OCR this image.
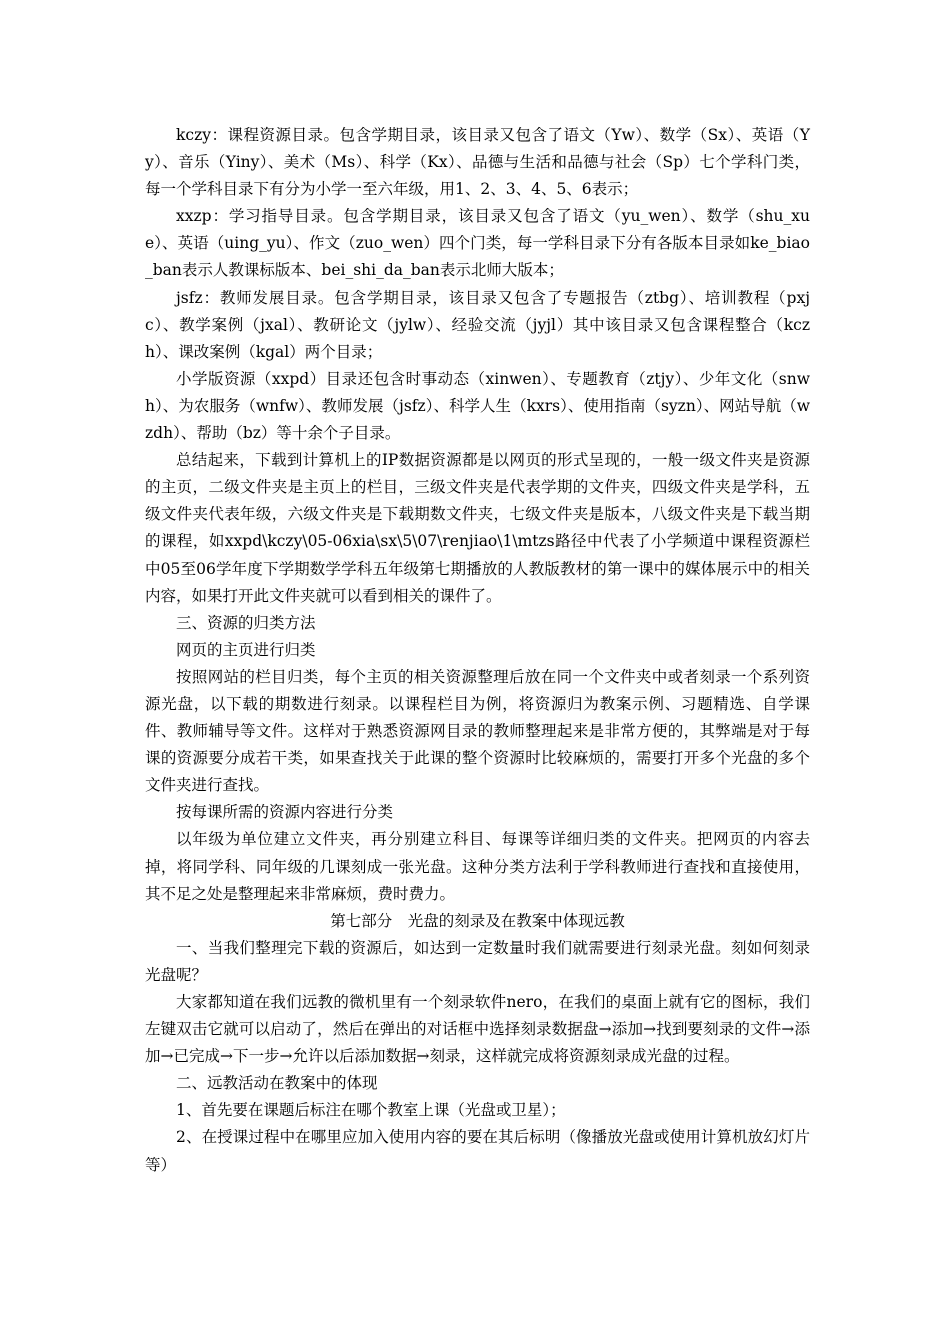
kczy：课程资源目录。包含学期目录，该目录又包含了语文（Yw）、数学（Sx）、英语（Yy）、音乐（Yiny）、美术（Ms）、科学（Kx）、品德与生活和品德与社会（Sp）七个学科门类，每一个学科目录下有分为小学一至六年级，用1、2、3、4、5、6表示；

xxzp：学习指导目录。包含学期目录，该目录又包含了语文（yu_wen）、数学（shu_xue）、英语（uing_yu）、作文（zuo_wen）四个门类，每一学科目录下分有各版本目录如ke_biao_ban表示人教课标版本、bei_shi_da_ban表示北师大版本；

jsfz：教师发展目录。包含学期目录，该目录又包含了专题报告（ztbg）、培训教程（pxjc）、教学案例（jxal）、教研论文（jylw）、经验交流（jyjl）其中该目录又包含课程整合（kczh）、课改案例（kgal）两个目录；

小学版资源（xxpd）目录还包含时事动态（xinwen）、专题教育（ztjy）、少年文化（snwh）、为农服务（wnfw）、教师发展（jsfz）、科学人生（kxrs）、使用指南（syzn）、网站导航（wzdh）、帮助（bz）等十余个子目录。

总结起来，下载到计算机上的IP数据资源都是以网页的形式呈现的，一般一级文件夹是资源的主页，二级文件夹是主页上的栏目，三级文件夹是代表学期的文件夹，四级文件夹是学科，五级文件夹代表年级，六级文件夹是下载期数文件夹，七级文件夹是版本，八级文件夹是下载当期的课程，如xxpd\kczy\05-06xia\sx\5\07\renjiao\1\mtzs路径中代表了小学频道中课程资源栏中05至06学年度下学期数学学科五年级第七期播放的人教版教材的第一课中的媒体展示中的相关内容，如果打开此文件夹就可以看到相关的课件了。

三、资源的归类方法

网页的主页进行归类

按照网站的栏目归类，每个主页的相关资源整理后放在同一个文件夹中或者刻录一个系列资源光盘，以下载的期数进行刻录。以课程栏目为例，将资源归为教案示例、习题精选、自学课件、教师辅导等文件。这样对于熟悉资源网目录的教师整理起来是非常方便的，其弊端是对于每课的资源要分成若干类，如果查找关于此课的整个资源时比较麻烦的，需要打开多个光盘的多个文件夹进行查找。

按每课所需的资源内容进行分类

以年级为单位建立文件夹，再分别建立科目、每课等详细归类的文件夹。把网页的内容去掉，将同学科、同年级的几课刻成一张光盘。这种分类方法利于学科教师进行查找和直接使用，其不足之处是整理起来非常麻烦，费时费力。

第七部分　光盘的刻录及在教案中体现远教

一、当我们整理完下载的资源后，如达到一定数量时我们就需要进行刻录光盘。刻如何刻录光盘呢？

大家都知道在我们远教的微机里有一个刻录软件nero，在我们的桌面上就有它的图标，我们左键双击它就可以启动了，然后在弹出的对话框中选择刻录数据盘→添加→找到要刻录的文件→添加→已完成→下一步→允许以后添加数据→刻录，这样就完成将资源刻录成光盘的过程。

二、远教活动在教案中的体现

1、首先要在课题后标注在哪个教室上课（光盘或卫星）；

2、在授课过程中在哪里应加入使用内容的要在其后标明（像播放光盘或使用计算机放幻灯片等）
